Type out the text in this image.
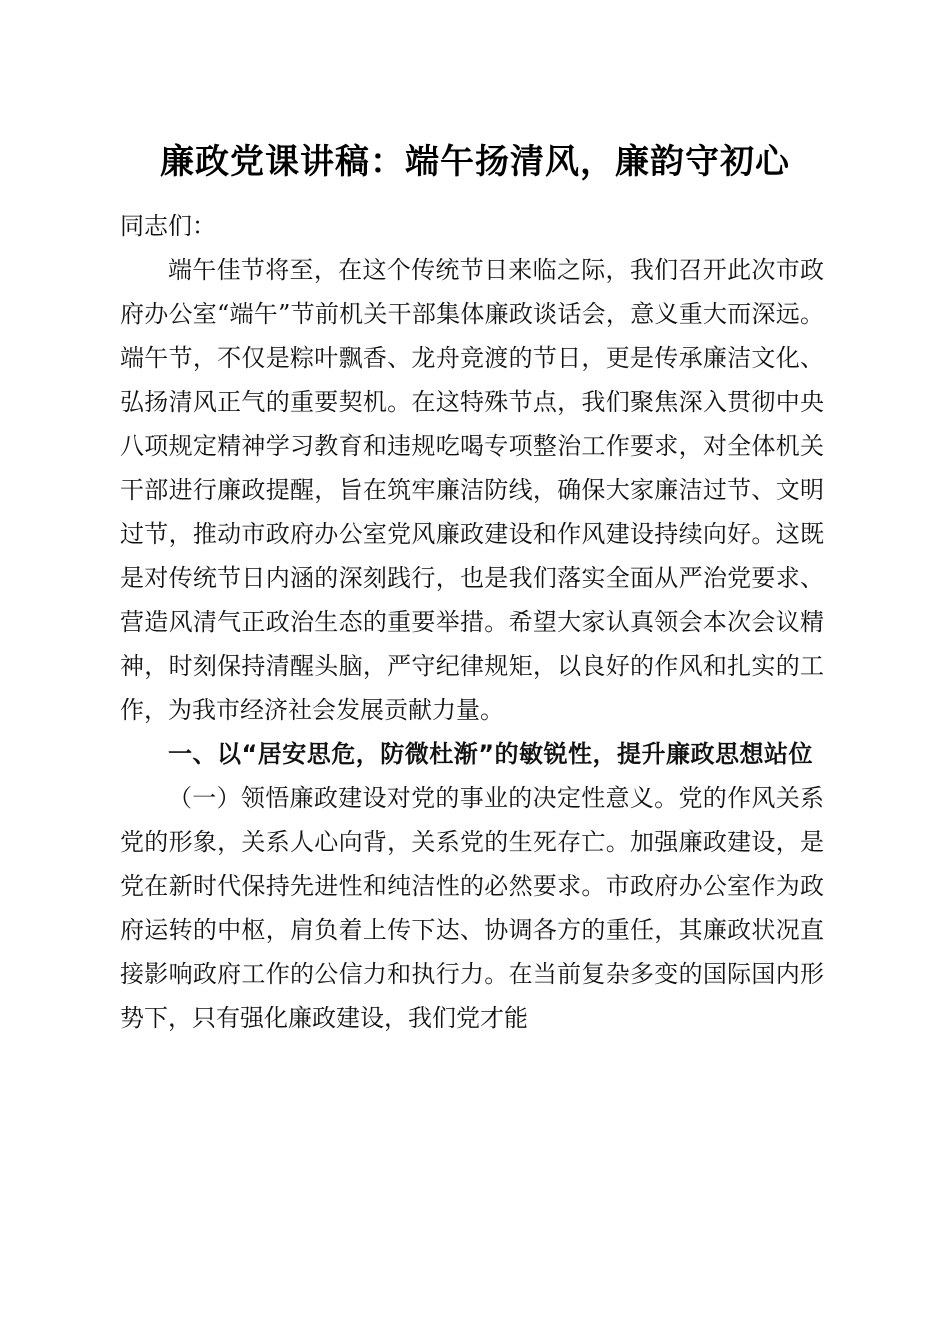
廉政党课讲稿：端午扬清风，廉韵守初心

同志们：

端午佳节将至，在这个传统节日来临之际，我们召开此次市政府办公室“端午”节前机关干部集体廉政谈话会，意义重大而深远。端午节，不仅是粽叶飘香、龙舟竞渡的节日，更是传承廉洁文化、弘扬清风正气的重要契机。在这特殊节点，我们聚焦深入贯彻中央八项规定精神学习教育和违规吃喝专项整治工作要求，对全体机关干部进行廉政提醒，旨在筑牢廉洁防线，确保大家廉洁过节、文明过节，推动市政府办公室党风廉政建设和作风建设持续向好。这既是对传统节日内涵的深刻践行，也是我们落实全面从严治党要求、营造风清气正政治生态的重要举措。希望大家认真领会本次会议精神，时刻保持清醒头脑，严守纪律规矩，以良好的作风和扎实的工作，为我市经济社会发展贡献力量。

一、以“居安思危，防微杜渐”的敏锐性，提升廉政思想站位

（一）领悟廉政建设对党的事业的决定性意义。党的作风关系党的形象，关系人心向背，关系党的生死存亡。加强廉政建设，是党在新时代保持先进性和纯洁性的必然要求。市政府办公室作为政府运转的中枢，肩负着上传下达、协调各方的重任，其廉政状况直接影响政府工作的公信力和执行力。在当前复杂多变的国际国内形势下，只有强化廉政建设，我们党才能
